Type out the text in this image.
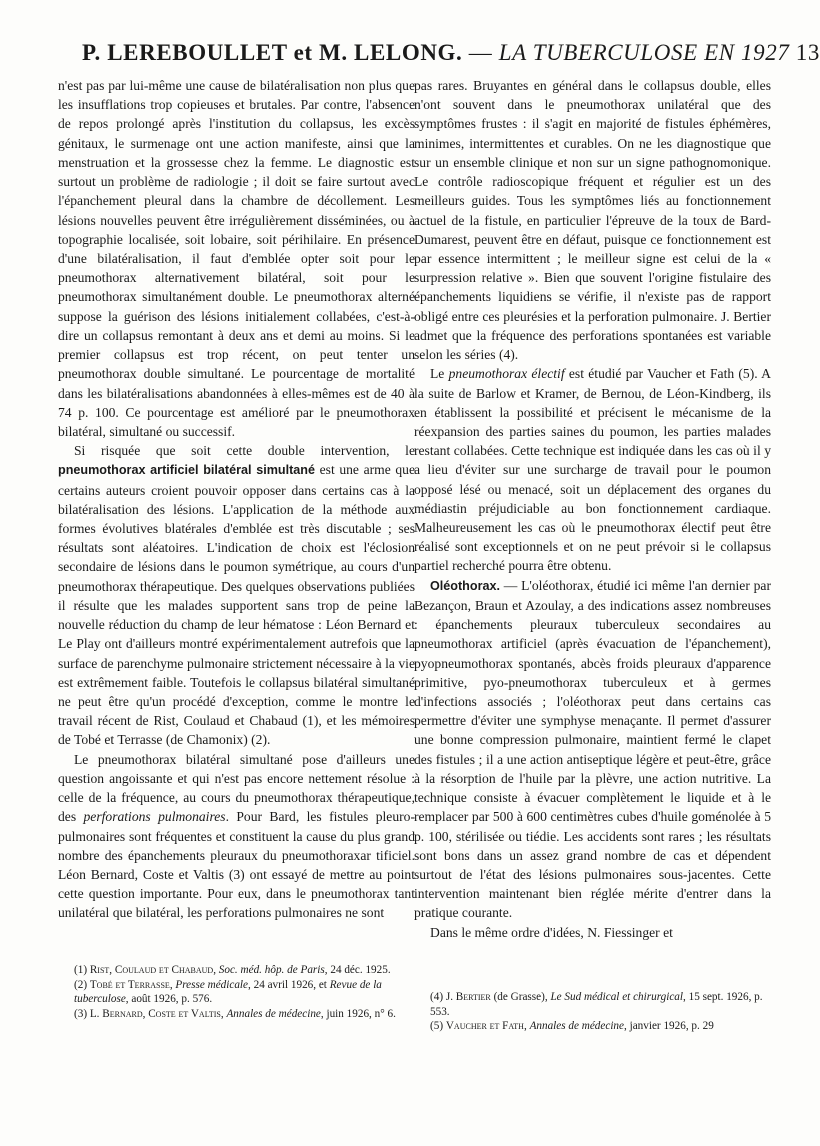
P. LEREBOULLET et M. LELONG. — LA TUBERCULOSE EN 1927 13

n'est pas par lui-même une cause de bilatéralisation non plus que les insufflations trop copieuses et brutales. Par contre, l'absence de repos prolongé après l'institution du collapsus, les excès génitaux, le surmenage ont une action manifeste, ainsi que la menstruation et la grossesse chez la femme. Le diagnostic est surtout un problème de radiologie ; il doit se faire surtout avec l'épanchement pleural dans la chambre de décollement. Les lésions nouvelles peuvent être irrégulièrement disséminées, ou à topographie localisée, soit lobaire, soit périhilaire. En présence d'une bilatéralisation, il faut d'emblée opter soit pour le pneumothorax alternativement bilatéral, soit pour le pneumothorax simultanément double. Le pneumothorax alterné suppose la guérison des lésions initialement collabées, c'est-à-dire un collapsus remontant à deux ans et demi au moins. Si le premier collapsus est trop récent, on peut tenter un pneumothorax double simultané. Le pourcentage de mortalité dans les bilatéralisations abandonnées à elles-mêmes est de 40 à 74 p. 100. Ce pourcentage est amélioré par le pneumothorax bilatéral, simultané ou successif.

Si risquée que soit cette double intervention, le pneumothorax artificiel bilatéral simultané est une arme que certains auteurs croient pouvoir opposer dans certains cas à la bilatéralisation des lésions. L'application de la méthode aux formes évolutives blatérales d'emblée est très discutable ; ses résultats sont aléatoires. L'indication de choix est l'éclosion secondaire de lésions dans le poumon symétrique, au cours d'un pneumothorax thérapeutique. Des quelques observations publiées il résulte que les malades supportent sans trop de peine la nouvelle réduction du champ de leur hématose : Léon Bernard et Le Play ont d'ailleurs montré expérimentalement autrefois que la surface de parenchyme pulmonaire strictement nécessaire à la vie est extrêmement faible. Toutefois le collapsus bilatéral simultané ne peut être qu'un procédé d'exception, comme le montre le travail récent de Rist, Coulaud et Chabaud (1), et les mémoires de Tobé et Terrasse (de Chamonix) (2).

Le pneumothorax bilatéral simultané pose d'ailleurs une question angoissante et qui n'est pas encore nettement résolue : celle de la fréquence, au cours du pneumothorax thérapeutique, des perforations pulmonaires. Pour Bard, les fistules pleuro-pulmonaires sont fréquentes et constituent la cause du plus grand nombre des épanchements pleuraux du pneumothoraxar tificiel. Léon Bernard, Coste et Valtis (3) ont essayé de mettre au point cette question importante. Pour eux, dans le pneumothorax tant unilatéral que bilatéral, les perforations pulmonaires ne sont

pas rares. Bruyantes en général dans le collapsus double, elles n'ont souvent dans le pneumothorax unilatéral que des symptômes frustes : il s'agit en majorité de fistules éphémères, minimes, intermittentes et curables. On ne les diagnostique que sur un ensemble clinique et non sur un signe pathognomonique. Le contrôle radioscopique fréquent et régulier est un des meilleurs guides. Tous les symptômes liés au fonctionnement actuel de la fistule, en particulier l'épreuve de la toux de Bard-Dumarest, peuvent être en défaut, puisque ce fonctionnement est par essence intermittent ; le meilleur signe est celui de la « surpression relative ». Bien que souvent l'origine fistulaire des épanchements liquidiens se vérifie, il n'existe pas de rapport obligé entre ces pleurésies et la perforation pulmonaire. J. Bertier admet que la fréquence des perforations spontanées est variable selon les séries (4).

Le pneumothorax électif est étudié par Vaucher et Fath (5). A la suite de Barlow et Kramer, de Bernou, de Léon-Kindberg, ils en établissent la possibilité et précisent le mécanisme de la réexpansion des parties saines du poumon, les parties malades restant collabées. Cette technique est indiquée dans les cas où il y a lieu d'éviter sur une surcharge de travail pour le poumon opposé lésé ou menacé, soit un déplacement des organes du médiastin préjudiciable au bon fonctionnement cardiaque. Malheureusement les cas où le pneumothorax électif peut être réalisé sont exceptionnels et on ne peut prévoir si le collapsus partiel recherché pourra être obtenu.

Oléothorax. — L'oléothorax, étudié ici même l'an dernier par Bezançon, Braun et Azoulay, a des indications assez nombreuses : épanchements pleuraux tuberculeux secondaires au pneumothorax artificiel (après évacuation de l'épanchement), pyopneumothorax spontanés, abcès froids pleuraux d'apparence primitive, pyo-pneumothorax tuberculeux et à germes d'infections associés ; l'oléothorax peut dans certains cas permettre d'éviter une symphyse menaçante. Il permet d'assurer une bonne compression pulmonaire, maintient fermé le clapet des fistules ; il a une action antiseptique légère et peut-être, grâce à la résorption de l'huile par la plèvre, une action nutritive. La technique consiste à évacuer complètement le liquide et à le remplacer par 500 à 600 centimètres cubes d'huile goménolée à 5 p. 100, stérilisée ou tiédie. Les accidents sont rares ; les résultats sont bons dans un assez grand nombre de cas et dépendent surtout de l'état des lésions pulmonaires sous-jacentes. Cette intervention maintenant bien réglée mérite d'entrer dans la pratique courante.

Dans le même ordre d'idées, N. Fiessinger et

(1) Rist, Coulaud et Chabaud, Soc. méd. hôp. de Paris, 24 déc. 1925.

(2) Tobé et Terrasse, Presse médicale, 24 avril 1926, et Revue de la tuberculose, août 1926, p. 576.

(3) L. Bernard, Coste et Valtis, Annales de médecine, juin 1926, n° 6.

(4) J. Bertier (de Grasse), Le Sud médical et chirurgical, 15 sept. 1926, p. 553.

(5) Vaucher et Fath, Annales de médecine, janvier 1926, p. 29
